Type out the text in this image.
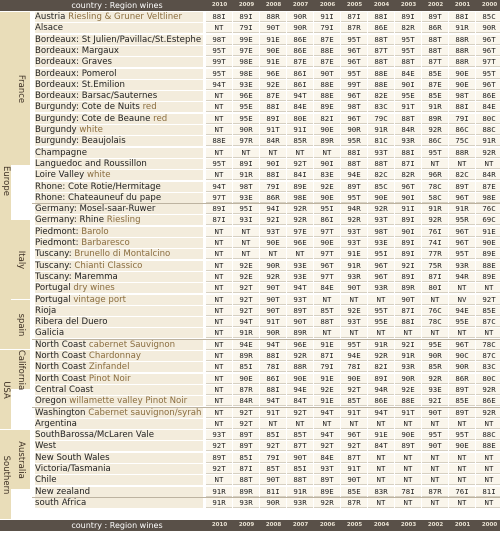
country : Region wines	2010	2009	2008	2007	2006	2005	2004	2003	2002	2001	2000
country : Region wines	2010	2009	2008	2007	2006	2005	2004	2003	2002	2001	2000
France
Italy
spain
Europe
California
USA
Australia
Southern
Austria Riesling & Gruner Veltliner	88I	89I	88R	90R	91I	87I	88I	89I	89T	88I	85C
Alsace	NT	79I	90T	90R	79I	87R	86E	82R	86R	91R	90R
Bordeaux: St Julien/Pavillac/St.Estephe	98T	99E	91E	86E	87E	95T	88T	95T	88T	88R	96T
Bordeaux: Margaux	95T	97E	90E	86E	88E	96T	87T	95T	88T	88R	96T
Bordeaux: Graves	99T	98E	91E	87E	87E	96T	88T	88T	87T	88R	97T
Bordeaux: Pomerol	95T	98E	96E	86I	90T	95T	88E	84E	85E	90E	95T
Bordeaux: St.Emilion	94T	93E	92E	86I	88E	99T	88E	90I	87E	90E	96T
Bordeaux: Barsac/Sauternes	NT	96E	87E	94T	88E	96T	82E	95E	85E	98T	86E
Burgundy: Cote de Nuits red	NT	95E	88I	84E	89E	98T	83C	91T	91R	88I	84E
Burgundy: Cote de Beaune red	NT	95E	89I	80E	82I	96T	79C	88T	89R	79I	80C
Burgundy white	NT	90R	91T	91I	90E	90R	91R	84R	92R	86C	88C
Burgundy: Beaujolais	88E	97R	84R	85R	89R	95R	81C	93R	86C	75C	91R
Champagne	NT	NT	NT	NT	NT	88I	93T	88I	95T	88R	92R
Languedoc and Roussillon	95T	89I	90I	92T	90I	88T	88T	87I	NT	NT	NT
Loire Valley white	NT	91R	88I	84I	83E	94E	82C	82R	96R	82C	84R
Rhone: Cote Rotie/Hermitage	94T	98T	79I	89E	92E	89T	85C	96T	78C	89T	87E
Rhone: Chateauneuf du pape	97T	93E	86R	98E	90E	95T	90E	90I	58C	96T	98E
Germany: Mosel-saar-Ruwer	89I	95I	94I	92R	95I	94R	92R	91I	91R	91R	76C
Germany: Rhine Riesling	87I	93I	92I	92R	86I	92R	93T	89I	92R	95R	69C
Piedmont: Barolo	NT	NT	93T	97E	97T	93T	98T	90I	76I	96T	91E
Piedmont: Barbaresco	NT	NT	90E	96E	90E	93T	93E	89I	74I	96T	90E
Tuscany: Brunello di Montalcino	NT	NT	NT	NT	97T	91E	95I	89I	77R	95T	89E
Tuscany: Chianti Classico	NT	92E	90R	93E	96T	91R	96T	92I	75R	93R	88E
Tuscany: Maremma	NT	92E	92R	93E	97T	93R	96T	89I	87I	94R	89E
Portugal dry wines	NT	92T	90T	94T	84E	90T	93R	89R	80I	NT	NT
Portugal vintage port	NT	92T	90T	93T	NT	NT	NT	90T	NT	NV	92T
Rioja	NT	92T	90T	89T	85T	92E	95T	87I	76C	94E	85E
Ribera del Duero	NT	94T	91T	90T	88T	93T	95E	88I	78C	95E	87C
Galicia	NT	91R	90R	89R	NT	NT	NT	NT	NT	NT	NT
North Coast cabernet Sauvignon	NT	94E	94T	96E	91E	95T	91R	92I	95E	96T	78C
North Coast Chardonnay	NT	89R	88I	92R	87I	94E	92R	91R	90R	90C	87C
North Coast Zinfandel	NT	85I	78I	88R	79I	78I	82I	93R	85R	90R	83C
North Coast Pinot Noir	NT	90E	86I	90E	91E	90E	89I	90R	92R	86R	80C
Central Coast	NT	87R	88I	94E	92E	92T	94R	92E	93E	89T	92R
Oregon willamette valley Pinot Noir	NT	84R	94T	84T	91E	85T	86E	88E	92I	85E	86E
Washington Cabernet sauvignon/syrah	NT	92T	91T	92T	94T	91T	94T	91T	90T	89T	92R
Argentina	NT	92T	NT	NT	NT	NT	NT	NT	NT	NT	NT
SouthBarossa/McLaren Vale	93T	89T	85I	85T	94T	96T	91E	90E	95T	95T	88C
West	92T	89T	92T	87T	92T	92T	84T	89T	90T	90E	88E
New South Wales	89T	85I	79I	90T	84E	87T	NT	NT	NT	NT	NT
Victoria/Tasmania	92T	87I	85T	85I	93T	91T	NT	NT	NT	NT	NT
Chile	NT	88T	90T	88T	89T	90T	NT	NT	NT	NT	NT
New zealand	91R	89R	81I	91R	89E	85E	83R	78I	87R	76I	81I
south Africa	91R	93R	90R	93R	92R	87R	NT	NT	NT	NT	NT
